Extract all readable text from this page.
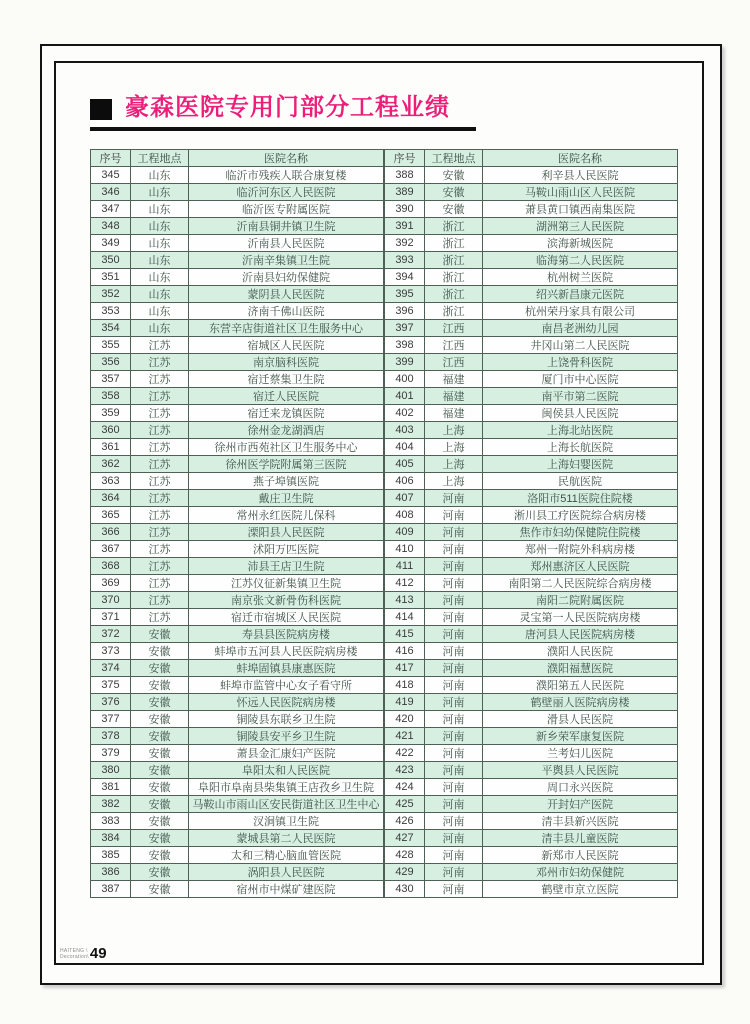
豪森医院专用门部分工程业绩
序号	工程地点	医院名称
345	山东	临沂市残疾人联合康复楼
346	山东	临沂河东区人民医院
347	山东	临沂医专附属医院
348	山东	沂南县铜井镇卫生院
349	山东	沂南县人民医院
350	山东	沂南辛集镇卫生院
351	山东	沂南县妇幼保健院
352	山东	蒙阴县人民医院
353	山东	济南千佛山医院
354	山东	东营辛店街道社区卫生服务中心
355	江苏	宿城区人民医院
356	江苏	南京脑科医院
357	江苏	宿迁蔡集卫生院
358	江苏	宿迁人民医院
359	江苏	宿迁来龙镇医院
360	江苏	徐州金龙湖酒店
361	江苏	徐州市西苑社区卫生服务中心
362	江苏	徐州医学院附属第三医院
363	江苏	燕子埠镇医院
364	江苏	戴庄卫生院
365	江苏	常州永红医院儿保科
366	江苏	溧阳县人民医院
367	江苏	沭阳万匹医院
368	江苏	沛县王店卫生院
369	江苏	江苏仪征新集镇卫生院
370	江苏	南京张文新骨伤科医院
371	江苏	宿迁市宿城区人民医院
372	安徽	寿县县医院病房楼
373	安徽	蚌埠市五河县人民医院病房楼
374	安徽	蚌埠固镇县康惠医院
375	安徽	蚌埠市监管中心女子看守所
376	安徽	怀远人民医院病房楼
377	安徽	铜陵县东联乡卫生院
378	安徽	铜陵县安平乡卫生院
379	安徽	萧县金汇康妇产医院
380	安徽	阜阳太和人民医院
381	安徽	阜阳市阜南县柴集镇王店孜乡卫生院
382	安徽	马鞍山市雨山区安民街道社区卫生中心
383	安徽	汊涧镇卫生院
384	安徽	蒙城县第二人民医院
385	安徽	太和三精心脑血管医院
386	安徽	涡阳县人民医院
387	安徽	宿州市中煤矿建医院
序号	工程地点	医院名称
388	安徽	利辛县人民医院
389	安徽	马鞍山雨山区人民医院
390	安徽	萧县黄口镇西南集医院
391	浙江	湖洲第三人民医院
392	浙江	滨海新城医院
393	浙江	临海第二人民医院
394	浙江	杭州树兰医院
395	浙江	绍兴新昌康元医院
396	浙江	杭州荣丹家具有限公司
397	江西	南昌老洲幼儿园
398	江西	井冈山第二人民医院
399	江西	上饶骨科医院
400	福建	厦门市中心医院
401	福建	南平市第二医院
402	福建	闽侯县人民医院
403	上海	上海北站医院
404	上海	上海长航医院
405	上海	上海妇婴医院
406	上海	民航医院
407	河南	洛阳市511医院住院楼
408	河南	淅川县工疗医院综合病房楼
409	河南	焦作市妇幼保健院住院楼
410	河南	郑州一附院外科病房楼
411	河南	郑州惠济区人民医院
412	河南	南阳第二人民医院综合病房楼
413	河南	南阳二院附属医院
414	河南	灵宝第一人民医院病房楼
415	河南	唐河县人民医院病房楼
416	河南	濮阳人民医院
417	河南	濮阳福慧医院
418	河南	濮阳第五人民医院
419	河南	鹤壁丽人医院病房楼
420	河南	滑县人民医院
421	河南	新乡荣军康复医院
422	河南	兰考妇儿医院
423	河南	平舆县人民医院
424	河南	周口永兴医院
425	河南	开封妇产医院
426	河南	清丰县新兴医院
427	河南	清丰县儿童医院
428	河南	新郑市人民医院
429	河南	邓州市妇幼保健院
430	河南	鹤壁市京立医院
HAITENG \
Decoration\ 49
